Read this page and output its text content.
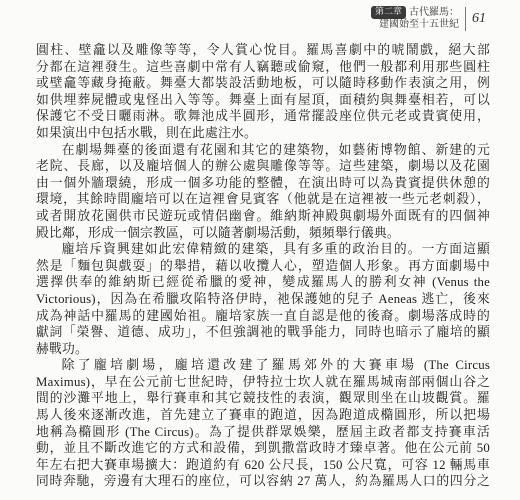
第二章 古代羅馬：
建國始至十五世紀 61
圓柱、壁龕以及雕像等等，令人賞心悅目。羅馬喜劇中的唬鬧戲，絕大部
分都在這裡發生。這些喜劇中常有人竊聽或偷窺，他們一般都利用那些圓柱
或壁龕等藏身掩蔽。舞臺大都裝設活動地板，可以隨時移動作表演之用，例
如供埋葬屍體或鬼怪出入等等。舞臺上面有屋頂，面積約與舞臺相若，可以
保護它不受日曬雨淋。歌舞池成半圓形，通常擺設座位供元老或貴賓使用，
如果演出中包括水戰，則在此處注水。
在劇場舞臺的後面還有花園和其它的建築物，如藝術博物館、新建的元
老院、長廊，以及龐培個人的辦公處與雕像等等。這些建築，劇場以及花園
由一個外牆環繞，形成一個多功能的整體，在演出時可以為貴賓提供休憩的
環境，其餘時間龐培可以在這裡會見賓客（他就是在這裡被一些元老刺殺），
或者開放花園供市民遊玩或情侶幽會。維納斯神殿與劇場外面既有的四個神
殿比鄰，形成一個宗教區，可以隨著劇場活動，頻頻舉行儀典。
龐培斥資興建如此宏偉精緻的建築，具有多重的政治目的。一方面這顯
然是「麵包與戲耍」的舉措，藉以收攬人心，塑造個人形象。再方面劇場中
選擇供奉的維納斯已經從希臘的愛神，變成羅馬人的勝利女神 (Venus the
Victorious)，因為在希臘攻陷特洛伊時，祂保護她的兒子 Aeneas 逃亡，後來
成為神話中羅馬的建國始祖。龐培家族一直自認是他的後裔。劇場落成時的
獻詞「榮譽、道德、成功」，不但強調祂的戰爭能力，同時也暗示了龐培的顯
赫戰功。
除了龐培劇場，龐培還改建了羅馬郊外的大賽車場 (The Circus
Maximus)，早在公元前七世紀時，伊特拉士坎人就在羅馬城南部兩個山谷之
間的沙灘平地上，舉行賽車和其它競技性的表演，觀眾則坐在山坡觀賞。羅
馬人後來逐漸改進，首先建立了賽車的跑道，因為跑道成橢圓形，所以把場
地稱為橢圓形 (The Circus)。為了提供群眾娛樂，歷屆主政者都支持賽車活
動，並且不斷改進它的方式和設備，到凱撒當政時才臻卓著。他在公元前 50
年左右把大賽車場擴大：跑道約有 620 公尺長，150 公尺寬，可容 12 輛馬車
同時奔馳，旁邊有大理石的座位，可以容納 27 萬人，約為羅馬人口的四分之
